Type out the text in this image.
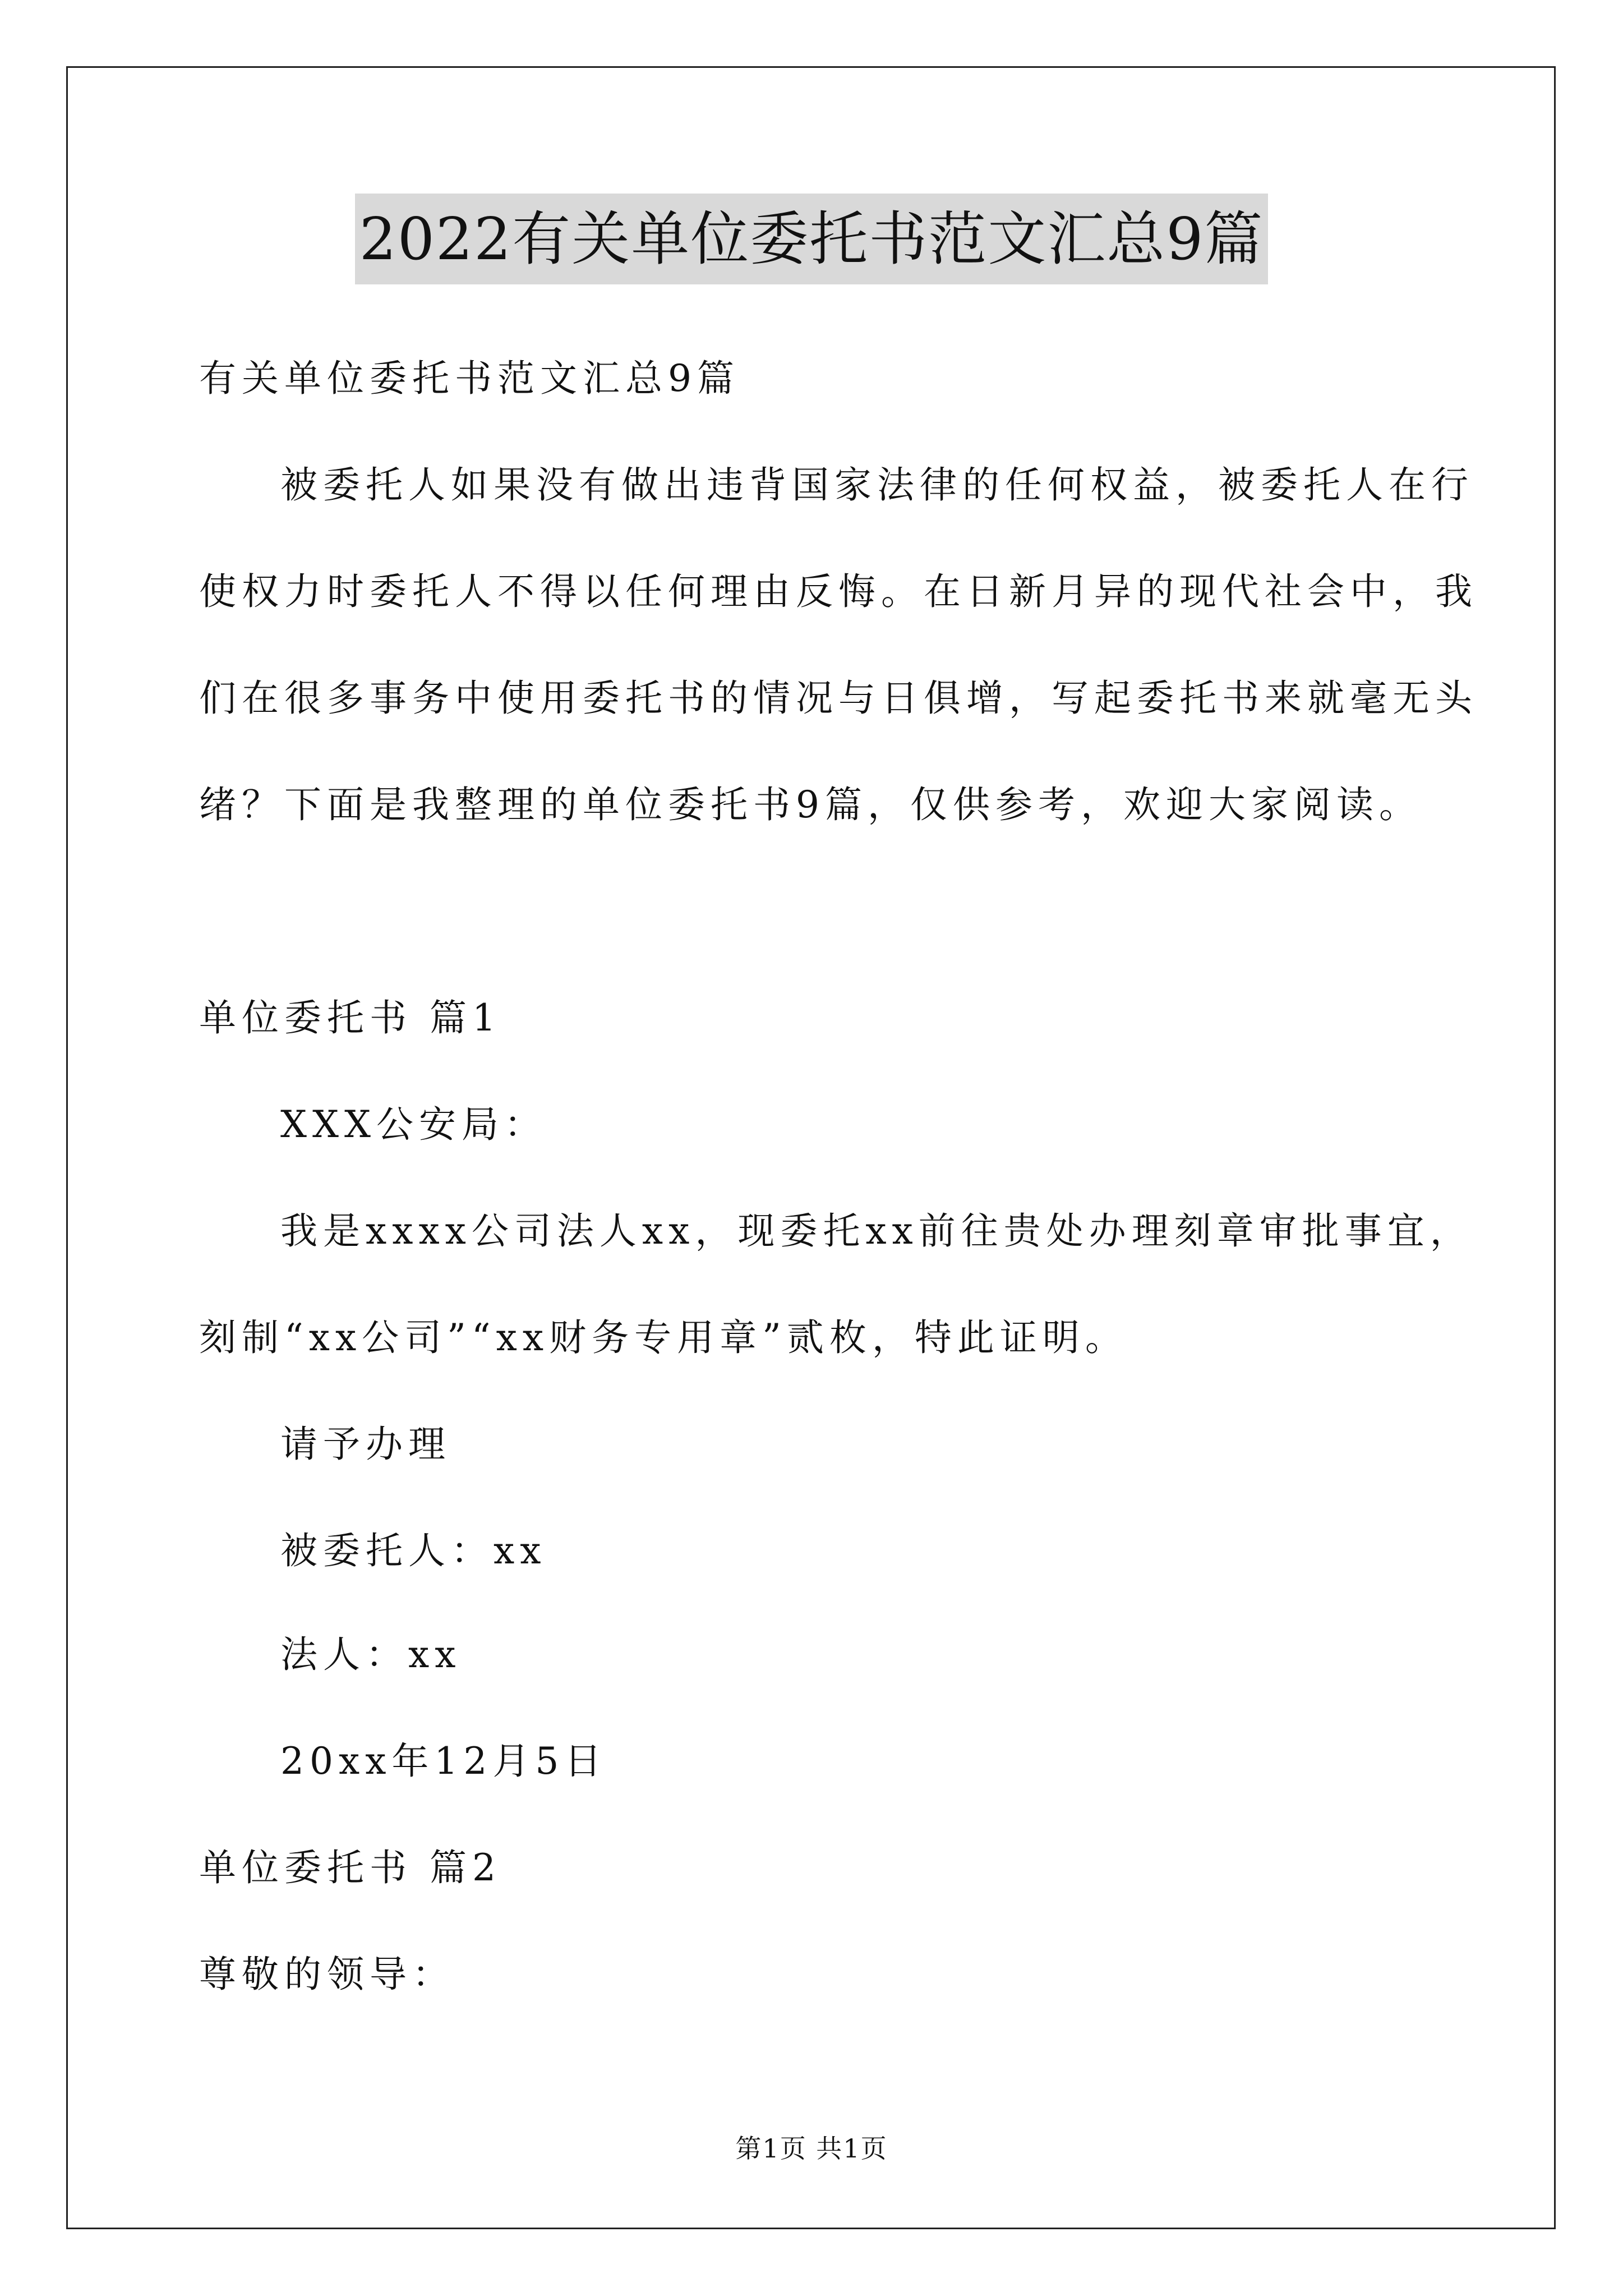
2022有关单位委托书范文汇总9篇
有关单位委托书范文汇总9篇
被委托人如果没有做出违背国家法律的任何权益，被委托人在行
使权力时委托人不得以任何理由反悔。在日新月异的现代社会中，我
们在很多事务中使用委托书的情况与日俱增，写起委托书来就毫无头
绪？下面是我整理的单位委托书9篇，仅供参考，欢迎大家阅读。
单位委托书 篇1
XXX公安局：
我是xxxx公司法人xx，现委托xx前往贵处办理刻章审批事宜，
刻制“xx公司”“xx财务专用章”贰枚，特此证明。
请予办理
被委托人：xx
法人：xx
20xx年12月5日
单位委托书 篇2
尊敬的领导：
第1页 共1页
